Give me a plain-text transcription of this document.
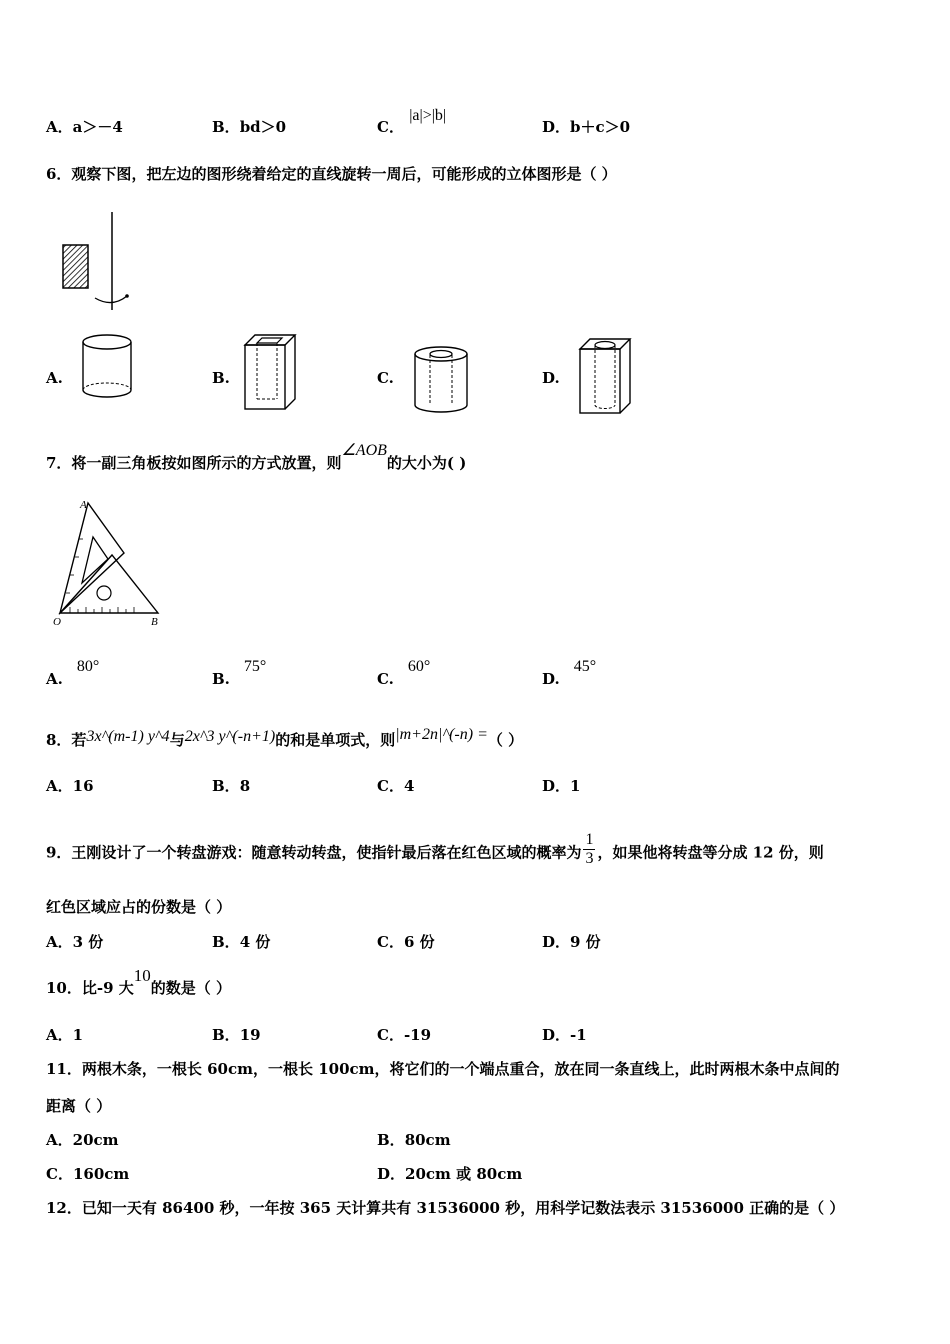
A．a＞－4	B．bd＞0	C． |a|>|b|
D．b＋c＞0
6．观察下图，把左边的图形绕着给定的直线旋转一周后，可能形成的立体图形是（ ）
A.	B.	C.	D.
7．将一副三角板按如图所示的方式放置，则∠AOB的大小为( )
A
O	B
A.80°
B.75°
C.60°
D.45°
8．若3x^(m-1) y^4与2x^3 y^(-n+1)的和是单项式，则|m+2n|^(-n) =（ ）
A．16	B．8	C．4	D．1
9．王刚设计了一个转盘游戏：随意转动转盘，使指针最后落在红色区域的概率为 $\frac{1}{3}$ ，如果他将转盘等分成 12 份，则
红色区域应占的份数是（ ）
A．3 份	B．4 份	C．6 份	D．9 份
10．比-9 大10的数是（ ）
A．1	B．19	C．-19	D．-1
11．两根木条，一根长 60cm，一根长 100cm，将它们的一个端点重合，放在同一条直线上，此时两根木条中点间的
距离（ ）
A．20cm	B．80cm
C．160cm	D．20cm 或 80cm
12．已知一天有 86400 秒，一年按 365 天计算共有 31536000 秒，用科学记数法表示 31536000 正确的是（ ）
